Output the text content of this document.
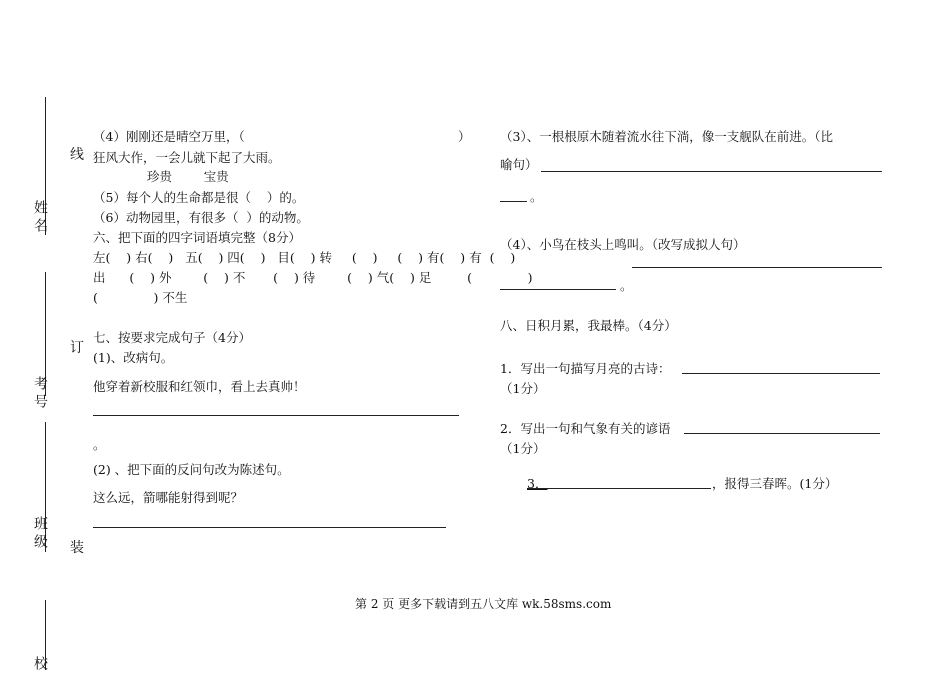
姓名
考号
班级
校
线
订
装
（4）刚刚还是晴空万里，（	）
狂风大作，一会儿就下起了大雨。
珍贵        宝贵
（5）每个人的生命都是很（    ）的。
（6）动物园里，有很多（  ）的动物。
六、把下面的四字词语填完整（8分）
左(    ) 右(    )   五(    ) 四(    )   目(    ) 转     (    )     (    ) 有(    ) 有  (    )
出      (    ) 外        (    ) 不       (    ) 待        (    ) 气(    ) 足         (              )
(              ) 不生
七、按要求完成句子（4分）
(1)、改病句。
他穿着新校服和红领巾，看上去真帅！
。
(2) 、把下面的反问句改为陈述句。
这么远，箭哪能射得到呢？
（3）、一根根原木随着流水往下淌，像一支舰队在前进。（比
喻句）
。
（4）、小鸟在枝头上鸣叫。（改写成拟人句）
。
八、日积月累，我最棒。（4分）
1．写出一句描写月亮的古诗：
（1分）
2．写出一句和气象有关的谚语
（1分）
3．	，报得三春晖。(1分）
第 2 页 更多下载请到五八文库 wk.58sms.com
